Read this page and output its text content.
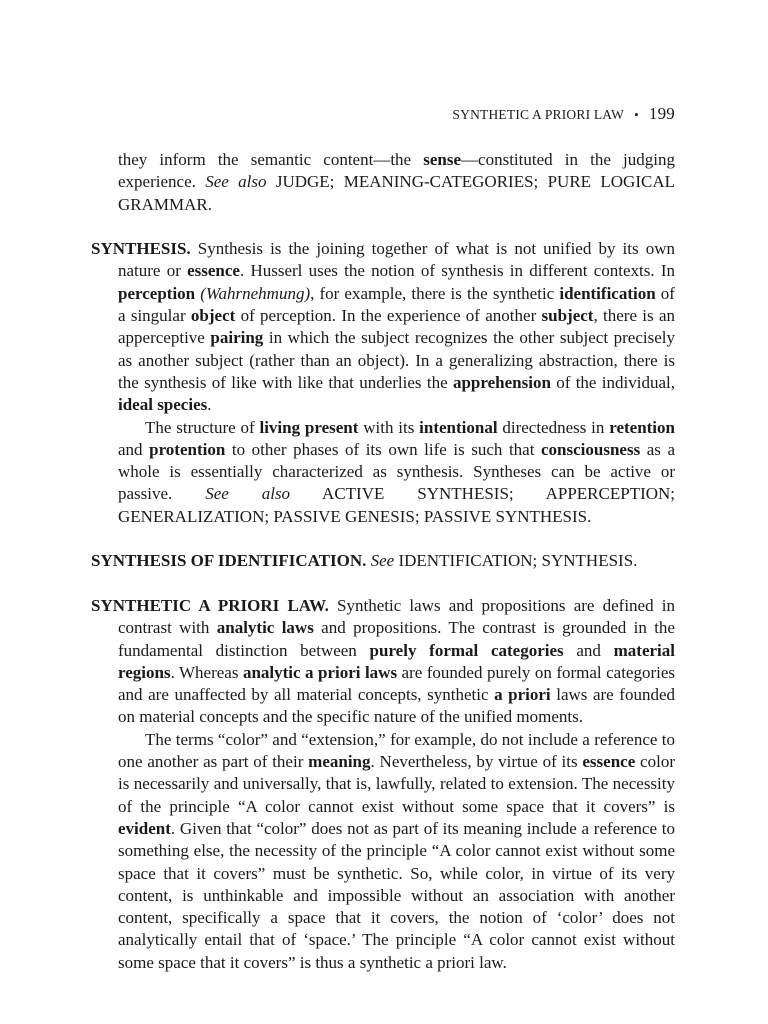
SYNTHETIC A PRIORI LAW • 199

they inform the semantic content—the sense—constituted in the judging experience. See also JUDGE; MEANING-CATEGORIES; PURE LOGICAL GRAMMAR.

SYNTHESIS. Synthesis is the joining together of what is not unified by its own nature or essence. Husserl uses the notion of synthesis in different contexts. In perception (Wahrnehmung), for example, there is the synthetic identification of a singular object of perception. In the experience of another subject, there is an apperceptive pairing in which the subject recognizes the other subject precisely as another subject (rather than an object). In a generalizing abstraction, there is the synthesis of like with like that underlies the apprehension of the individual, ideal species.

The structure of living present with its intentional directedness in retention and protention to other phases of its own life is such that consciousness as a whole is essentially characterized as synthesis. Syntheses can be active or passive. See also ACTIVE SYNTHESIS; APPERCEPTION; GENERALIZATION; PASSIVE GENESIS; PASSIVE SYNTHESIS.

SYNTHESIS OF IDENTIFICATION. See IDENTIFICATION; SYNTHESIS.

SYNTHETIC A PRIORI LAW. Synthetic laws and propositions are defined in contrast with analytic laws and propositions. The contrast is grounded in the fundamental distinction between purely formal categories and material regions. Whereas analytic a priori laws are founded purely on formal categories and are unaffected by all material concepts, synthetic a priori laws are founded on material concepts and the specific nature of the unified moments.

The terms “color” and “extension,” for example, do not include a reference to one another as part of their meaning. Nevertheless, by virtue of its essence color is necessarily and universally, that is, lawfully, related to extension. The necessity of the principle “A color cannot exist without some space that it covers” is evident. Given that “color” does not as part of its meaning include a reference to something else, the necessity of the principle “A color cannot exist without some space that it covers” must be synthetic. So, while color, in virtue of its very content, is unthinkable and impossible without an association with another content, specifically a space that it covers, the notion of ‘color’ does not analytically entail that of ‘space.’ The principle “A color cannot exist without some space that it covers” is thus a synthetic a priori law.
